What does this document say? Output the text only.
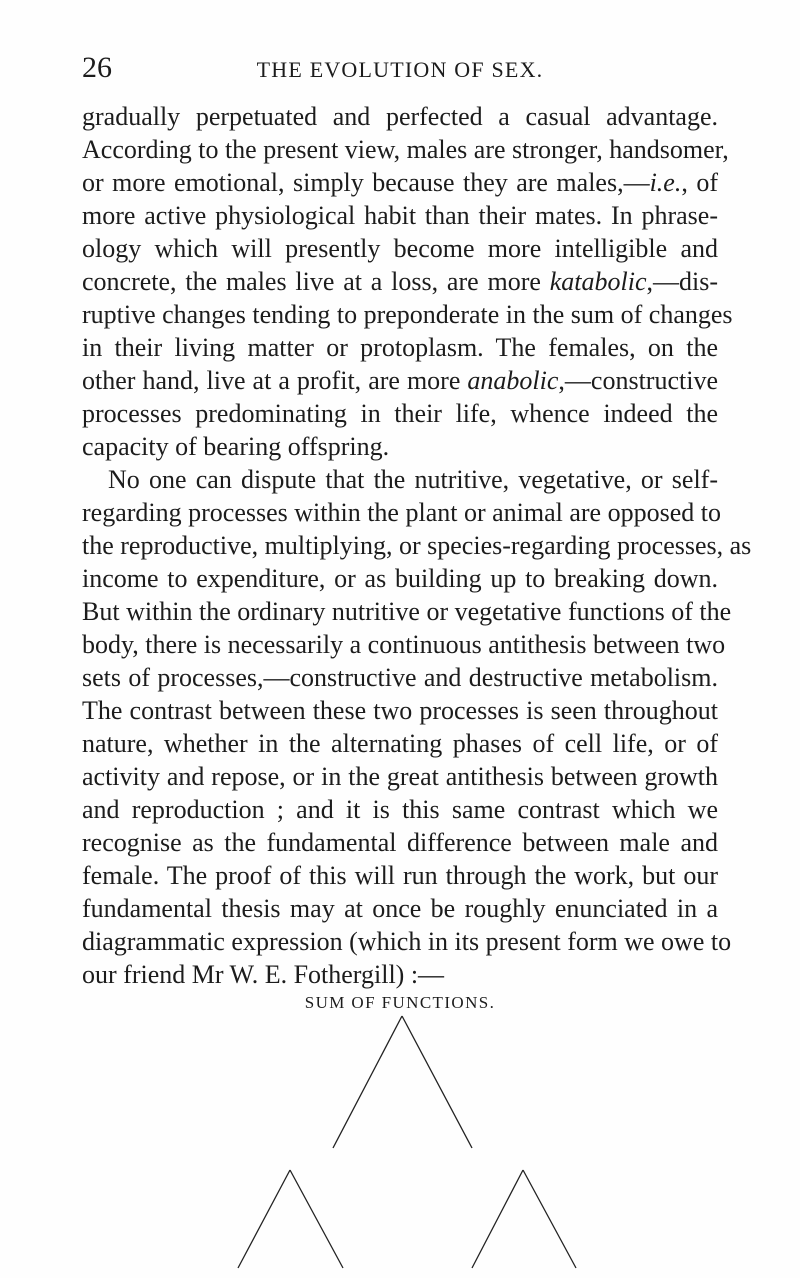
26	THE EVOLUTION OF SEX.
gradually perpetuated and perfected a casual advantage.
According to the present view, males are stronger, handsomer,
or more emotional, simply because they are males,—i.e., of
more active physiological habit than their mates. In phrase-
ology which will presently become more intelligible and
concrete, the males live at a loss, are more katabolic,—dis-
ruptive changes tending to preponderate in the sum of changes
in their living matter or protoplasm. The females, on the
other hand, live at a profit, are more anabolic,—constructive
processes predominating in their life, whence indeed the
capacity of bearing offspring.
No one can dispute that the nutritive, vegetative, or self-
regarding processes within the plant or animal are opposed to
the reproductive, multiplying, or species-regarding processes, as
income to expenditure, or as building up to breaking down.
But within the ordinary nutritive or vegetative functions of the
body, there is necessarily a continuous antithesis between two
sets of processes,—constructive and destructive metabolism.
The contrast between these two processes is seen throughout
nature, whether in the alternating phases of cell life, or of
activity and repose, or in the great antithesis between growth
and reproduction ; and it is this same contrast which we
recognise as the fundamental difference between male and
female. The proof of this will run through the work, but our
fundamental thesis may at once be roughly enunciated in a
diagrammatic expression (which in its present form we owe to
our friend Mr W. E. Fothergill) :—
SUM OF FUNCTIONS.
